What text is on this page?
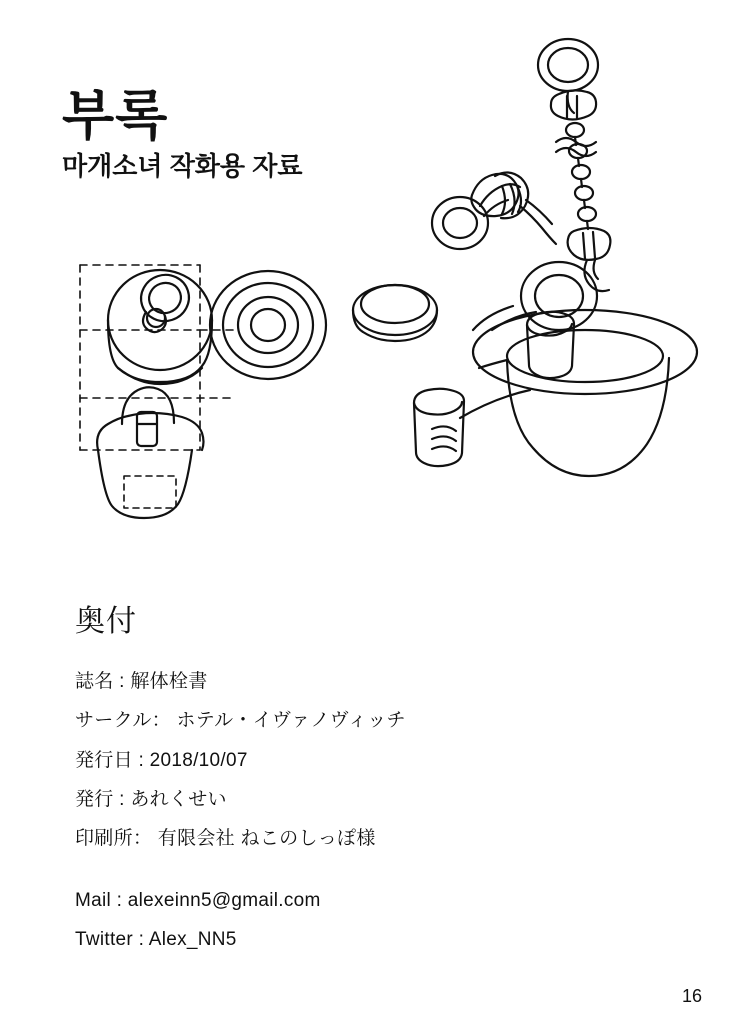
부록
마개소녀 작화용 자료
奥付

誌名 : 解体栓書

サークル： ホテル・イヴァノヴィッチ

発行日 : 2018/10/07

発行 : あれくせい

印刷所： 有限会社 ねこのしっぽ様

Mail : alexeinn5@gmail.com

Twitter : Alex_NN5

16
